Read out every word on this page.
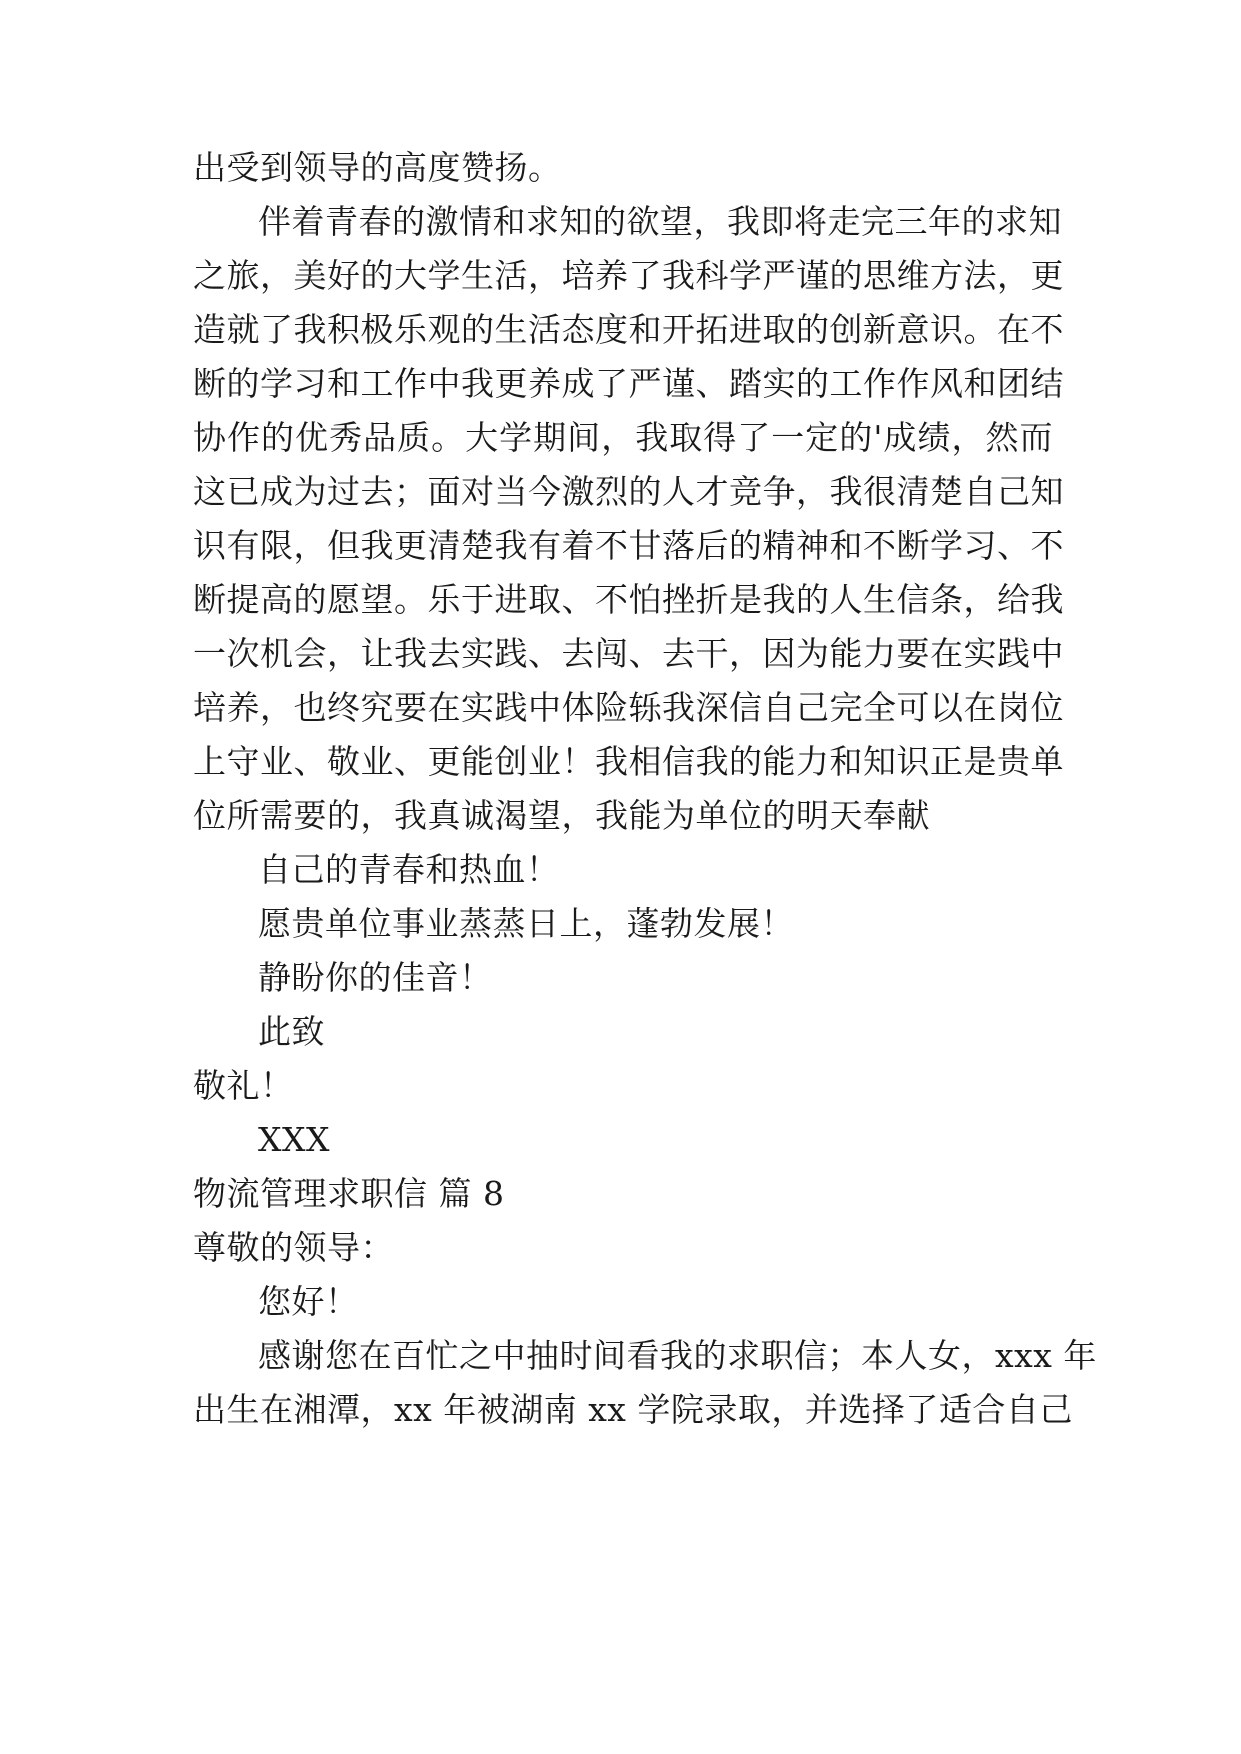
出受到领导的高度赞扬。
伴着青春的激情和求知的欲望，我即将走完三年的求知
之旅，美好的大学生活，培养了我科学严谨的思维方法，更
造就了我积极乐观的生活态度和开拓进取的创新意识。在不
断的学习和工作中我更养成了严谨、踏实的工作作风和团结
协作的优秀品质。大学期间，我取得了一定的'成绩，然而
这已成为过去；面对当今激烈的人才竞争，我很清楚自己知
识有限，但我更清楚我有着不甘落后的精神和不断学习、不
断提高的愿望。乐于进取、不怕挫折是我的人生信条，给我
一次机会，让我去实践、去闯、去干，因为能力要在实践中
培养，也终究要在实践中体险轹我深信自己完全可以在岗位
上守业、敬业、更能创业！我相信我的能力和知识正是贵单
位所需要的，我真诚渴望，我能为单位的明天奉献
自己的青春和热血！
愿贵单位事业蒸蒸日上，蓬勃发展！
静盼你的佳音！
此致
敬礼！
XXX
物流管理求职信 篇 8
尊敬的领导：
您好！
感谢您在百忙之中抽时间看我的求职信；本人女，xxx 年
出生在湘潭，xx 年被湖南 xx 学院录取，并选择了适合自己
